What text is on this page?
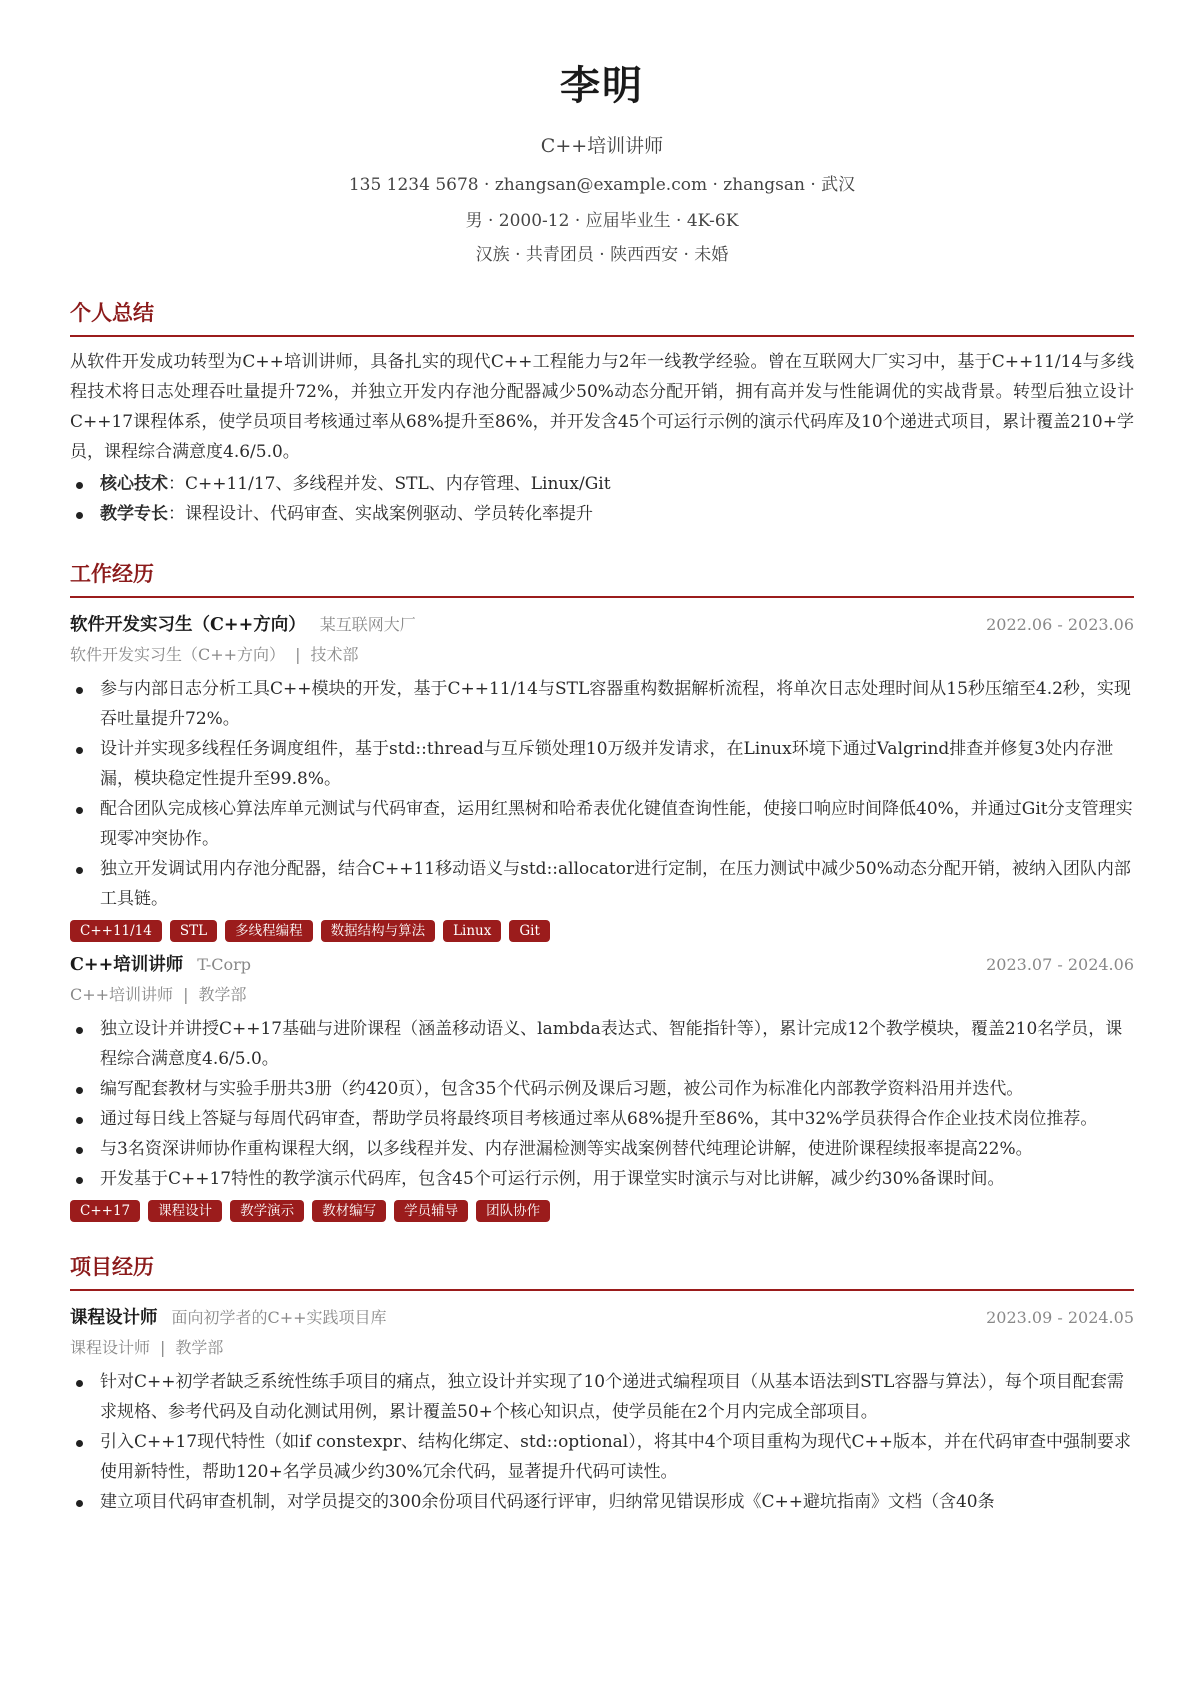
李明
C++培训讲师
135 1234 5678 · zhangsan@example.com · zhangsan · 武汉
男 · 2000-12 · 应届毕业生 · 4K-6K
汉族 · 共青团员 · 陕西西安 · 未婚
个人总结
从软件开发成功转型为C++培训讲师，具备扎实的现代C++工程能力与2年一线教学经验。曾在互联网大厂实习中，基于C++11/14与多线程技术将日志处理吞吐量提升72%，并独立开发内存池分配器减少50%动态分配开销，拥有高并发与性能调优的实战背景。转型后独立设计C++17课程体系，使学员项目考核通过率从68%提升至86%，并开发含45个可运行示例的演示代码库及10个递进式项目，累计覆盖210+学员，课程综合满意度4.6/5.0。
核心技术：C++11/17、多线程并发、STL、内存管理、Linux/Git
教学专长：课程设计、代码审查、实战案例驱动、学员转化率提升
工作经历
软件开发实习生（C++方向） 某互联网大厂	2022.06 - 2023.06
软件开发实习生（C++方向） | 技术部
参与内部日志分析工具C++模块的开发，基于C++11/14与STL容器重构数据解析流程，将单次日志处理时间从15秒压缩至4.2秒，实现吞吐量提升72%。
设计并实现多线程任务调度组件，基于std::thread与互斥锁处理10万级并发请求，在Linux环境下通过Valgrind排查并修复3处内存泄漏，模块稳定性提升至99.8%。
配合团队完成核心算法库单元测试与代码审查，运用红黑树和哈希表优化键值查询性能，使接口响应时间降低40%，并通过Git分支管理实现零冲突协作。
独立开发调试用内存池分配器，结合C++11移动语义与std::allocator进行定制，在压力测试中减少50%动态分配开销，被纳入团队内部工具链。
C++11/14	STL	多线程编程	数据结构与算法	Linux	Git
C++培训讲师 T-Corp	2023.07 - 2024.06
C++培训讲师 | 教学部
独立设计并讲授C++17基础与进阶课程（涵盖移动语义、lambda表达式、智能指针等），累计完成12个教学模块，覆盖210名学员，课程综合满意度4.6/5.0。
编写配套教材与实验手册共3册（约420页），包含35个代码示例及课后习题，被公司作为标准化内部教学资料沿用并迭代。
通过每日线上答疑与每周代码审查，帮助学员将最终项目考核通过率从68%提升至86%，其中32%学员获得合作企业技术岗位推荐。
与3名资深讲师协作重构课程大纲，以多线程并发、内存泄漏检测等实战案例替代纯理论讲解，使进阶课程续报率提高22%。
开发基于C++17特性的教学演示代码库，包含45个可运行示例，用于课堂实时演示与对比讲解，减少约30%备课时间。
C++17	课程设计	教学演示	教材编写	学员辅导	团队协作
项目经历
课程设计师 面向初学者的C++实践项目库	2023.09 - 2024.05
课程设计师 | 教学部
针对C++初学者缺乏系统性练手项目的痛点，独立设计并实现了10个递进式编程项目（从基本语法到STL容器与算法），每个项目配套需求规格、参考代码及自动化测试用例，累计覆盖50+个核心知识点，使学员能在2个月内完成全部项目。
引入C++17现代特性（如if constexpr、结构化绑定、std::optional），将其中4个项目重构为现代C++版本，并在代码审查中强制要求使用新特性，帮助120+名学员减少约30%冗余代码，显著提升代码可读性。
建立项目代码审查机制，对学员提交的300余份项目代码逐行评审，归纳常见错误形成《C++避坑指南》文档（含40条
